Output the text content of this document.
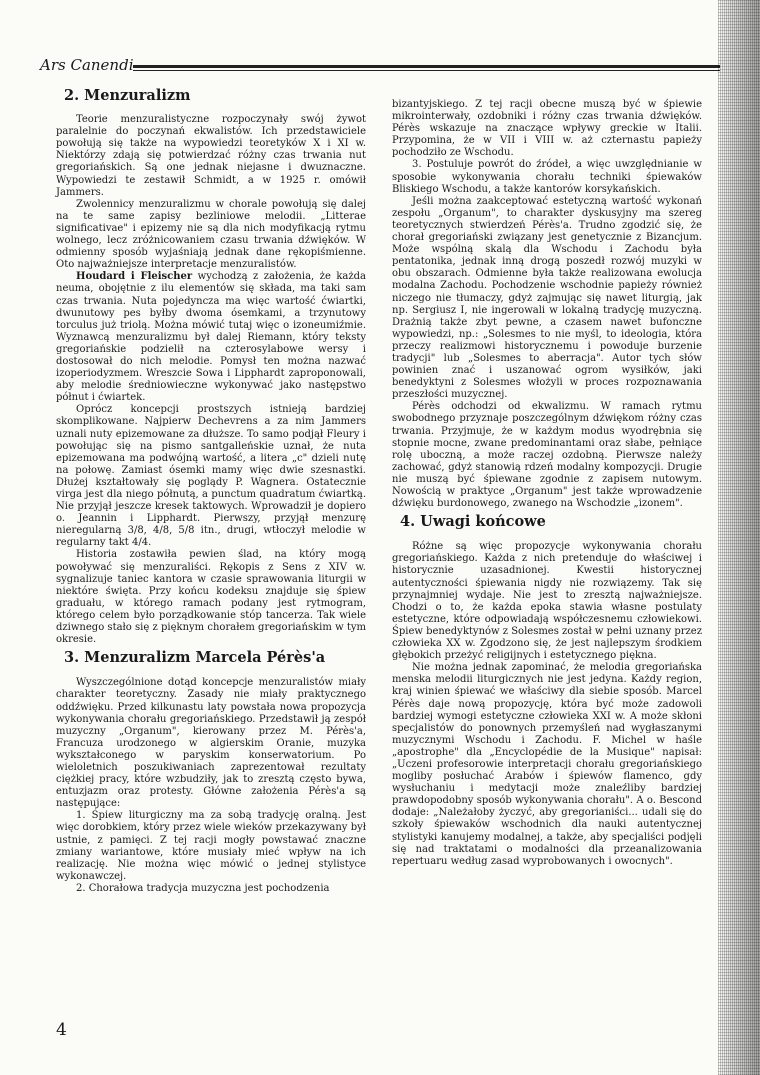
Ars Canendi
2. Menzuralizm

Teorie menzuralistyczne rozpoczynały swój żywot paralelnie do poczynań ekwalistów. Ich przedstawiciele powołują się także na wypowiedzi teoretyków X i XI w. Niektórzy zdają się potwierdzać różny czas trwania nut gregoriańskich. Są one jednak niejasne i dwuznaczne. Wypowiedzi te zestawił Schmidt, a w 1925 r. omówił Jammers.

Zwolennicy menzuralizmu w chorale powołują się dalej na te same zapisy bezliniowe melodii. „Litterae significativae" i epizemy nie są dla nich modyfikacją rytmu wolnego, lecz zróżnicowaniem czasu trwania dźwięków. W odmienny sposób wyjaśniają jednak dane rękopiśmienne. Oto najważniejsze interpretacje menzuralistów.

Houdard i Fleischer wychodzą z założenia, że każda neuma, obojętnie z ilu elementów się składa, ma taki sam czas trwania. Nuta pojedyncza ma więc wartość ćwiartki, dwunutowy pes byłby dwoma ósemkami, a trzynutowy torculus już triolą. Można mówić tutaj więc o izoneumiźmie. Wyznawcą menzuralizmu był dalej Riemann, który teksty gregoriańskie podzielił na czterosylabowe wersy i dostosował do nich melodie. Pomysł ten można nazwać izoperiodyzmem. Wreszcie Sowa i Lipphardt zaproponowali, aby melodie średniowieczne wykonywać jako następstwo półnut i ćwiartek.

Oprócz koncepcji prostszych istnieją bardziej skomplikowane. Najpierw Dechevrens a za nim Jammers uznali nuty epizemowane za dłuższe. To samo podjął Fleury i powołując się na pismo santgalleńskie uznał, że nuta epizemowana ma podwójną wartość, a litera „c" dzieli nutę na połowę. Zamiast ósemki mamy więc dwie szesnastki. Dłużej kształtowały się poglądy P. Wagnera. Ostatecznie virga jest dla niego półnutą, a punctum quadratum ćwiartką. Nie przyjął jeszcze kresek taktowych. Wprowadził je dopiero o. Jeannin i Lipphardt. Pierwszy, przyjął menzurę nieregularną 3/8, 4/8, 5/8 itn., drugi, wtłoczył melodie w regularny takt 4/4.

Historia zostawiła pewien ślad, na który mogą powoływać się menzuraliści. Rękopis z Sens z XIV w. sygnalizuje taniec kantora w czasie sprawowania liturgii w niektóre święta. Przy końcu kodeksu znajduje się śpiew graduału, w którego ramach podany jest rytmogram, którego celem było porządkowanie stóp tancerza. Tak wiele dziwnego stało się z pięknym chorałem gregoriańskim w tym okresie.

3. Menzuralizm Marcela Pérès'a

Wyszczególnione dotąd koncepcje menzuralistów miały charakter teoretyczny. Zasady nie miały praktycznego oddźwięku. Przed kilkunastu laty powstała nowa propozycja wykonywania chorału gregoriańskiego. Przedstawił ją zespół muzyczny „Organum", kierowany przez M. Pérès'a, Francuza urodzonego w algierskim Oranie, muzyka wykształconego w paryskim konserwatorium. Po wieloletnich poszukiwaniach zaprezentował rezultaty ciężkiej pracy, które wzbudziły, jak to zresztą często bywa, entuzjazm oraz protesty. Główne założenia Pérès'a są następujące:

1. Śpiew liturgiczny ma za sobą tradycję oralną. Jest więc dorobkiem, który przez wiele wieków przekazywany był ustnie, z pamięci. Z tej racji mogły powstawać znaczne zmiany wariantowe, które musiały mieć wpływ na ich realizację. Nie można więc mówić o jednej stylistyce wykonawczej.

2. Chorałowa tradycja muzyczna jest pochodzenia

bizantyjskiego. Z tej racji obecne muszą być w śpiewie mikrointerwały, ozdobniki i różny czas trwania dźwięków. Pérès wskazuje na znaczące wpływy greckie w Italii. Przypomina, że w VII i VIII w. aż czternastu papieży pochodziło ze Wschodu.

3. Postuluje powrót do źródeł, a więc uwzględnianie w sposobie wykonywania chorału techniki śpiewaków Bliskiego Wschodu, a także kantorów korsykańskich.

Jeśli można zaakceptować estetyczną wartość wykonań zespołu „Organum", to charakter dyskusyjny ma szereg teoretycznych stwierdzeń Pérès'a. Trudno zgodzić się, że chorał gregoriański związany jest genetycznie z Bizancjum. Może wspólną skalą dla Wschodu i Zachodu była pentatonika, jednak inną drogą poszedł rozwój muzyki w obu obszarach. Odmienne była także realizowana ewolucja modalna Zachodu. Pochodzenie wschodnie papieży również niczego nie tłumaczy, gdyż zajmując się nawet liturgią, jak np. Sergiusz I, nie ingerowali w lokalną tradycję muzyczną. Drażnią także zbyt pewne, a czasem nawet bufonczne wypowiedzi, np.: „Solesmes to nie myśl, to ideologia, która przeczy realizmowi historycznemu i powoduje burzenie tradycji" lub „Solesmes to aberracja". Autor tych słów powinien znać i uszanować ogrom wysiłków, jaki benedyktyni z Solesmes włożyli w proces rozpoznawania przeszłości muzycznej.

Pérès odchodzi od ekwalizmu. W ramach rytmu swobodnego przyznaje poszczególnym dźwiękom różny czas trwania. Przyjmuje, że w każdym modus wyodrębnia się stopnie mocne, zwane predominantami oraz słabe, pełniące rolę uboczną, a może raczej ozdobną. Pierwsze należy zachować, gdyż stanowią rdzeń modalny kompozycji. Drugie nie muszą być śpiewane zgodnie z zapisem nutowym. Nowością w praktyce „Organum" jest także wprowadzenie dźwięku burdonowego, zwanego na Wschodzie „izonem".

4. Uwagi końcowe

Różne są więc propozycje wykonywania chorału gregoriańskiego. Każda z nich pretenduje do właściwej i historycznie uzasadnionej. Kwestii historycznej autentyczności śpiewania nigdy nie rozwiązemy. Tak się przynajmniej wydaje. Nie jest to zresztą najważniejsze. Chodzi o to, że każda epoka stawia własne postulaty estetyczne, które odpowiadają współczesnemu człowiekowi. Śpiew benedyktynów z Solesmes został w pełni uznany przez człowieka XX w. Zgodzono się, że jest najlepszym środkiem głębokich przeżyć religijnych i estetycznego piękna.

Nie można jednak zapominać, że melodia gregoriańska menska melodii liturgicznych nie jest jedyna. Każdy region, kraj winien śpiewać we właściwy dla siebie sposób. Marcel Pérès daje nową propozycję, która być może zadowoli bardziej wymogi estetyczne człowieka XXI w. A może skłoni specjalistów do ponownych przemyśleń nad wygłaszanymi muzycznymi Wschodu i Zachodu. F. Michel w haśle „apostrophe" dla „Encyclopédie de la Musique" napisał: „Uczeni profesorowie interpretacji chorału gregoriańskiego mogliby posłuchać Arabów i śpiewów flamenco, gdy wysłuchaniu i medytacji może znaleźliby bardziej prawdopodobny sposób wykonywania chorału". A o. Bescond dodaje: „Należałoby życzyć, aby gregorianiści... udali się do szkoły śpiewaków wschodnich dla nauki autentycznej stylistyki kanujemy modalnej, a także, aby specjaliści podjęli się nad traktatami o modalności dla przeanalizowania repertuaru według zasad wyprobowanych i owocnych".

4
